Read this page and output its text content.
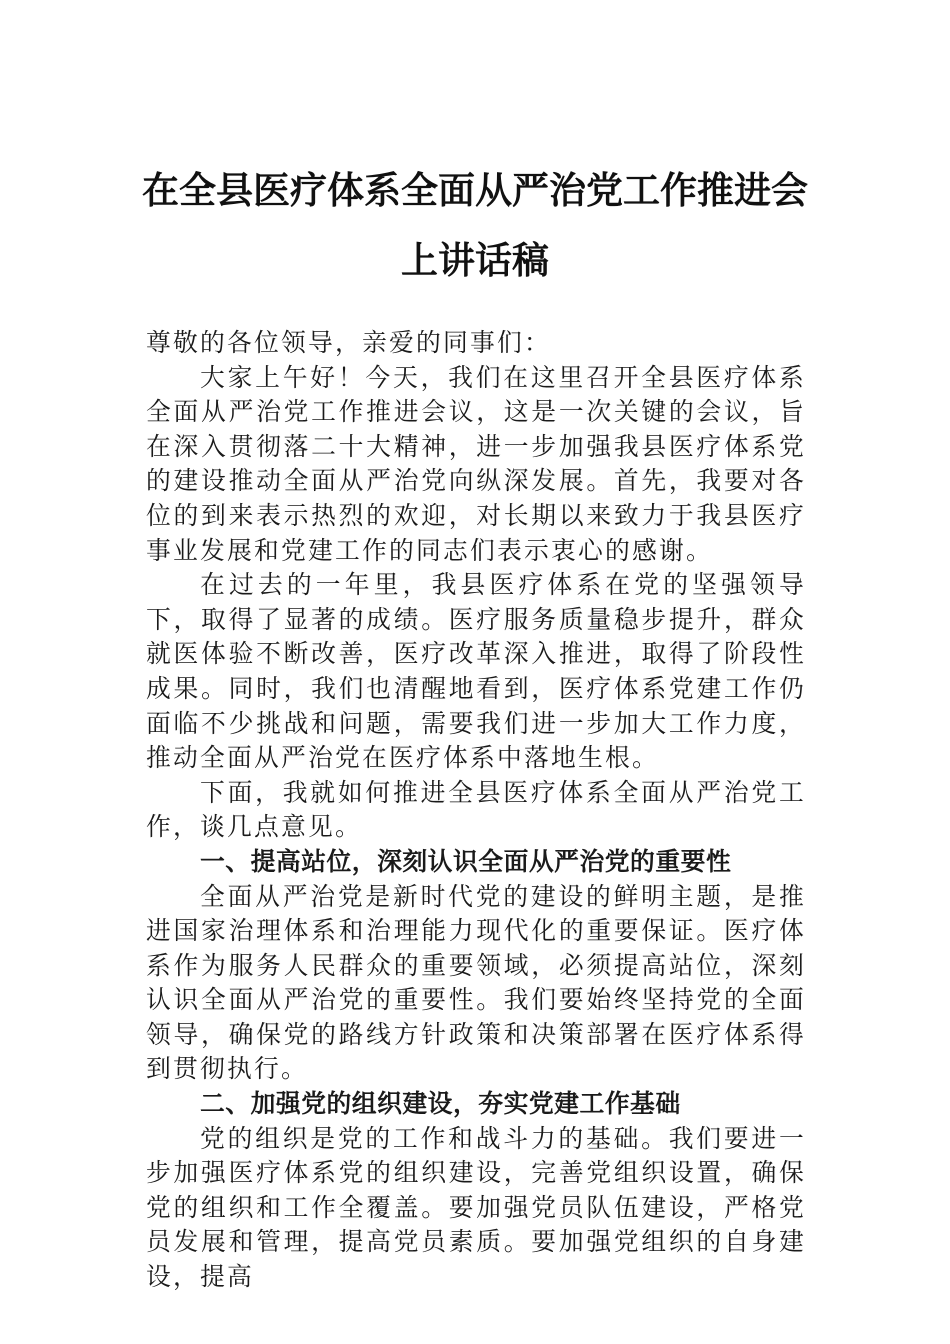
在全县医疗体系全面从严治党工作推进会
上讲话稿

尊敬的各位领导，亲爱的同事们：

大家上午好！今天，我们在这里召开全县医疗体系全面从严治党工作推进会议，这是一次关键的会议，旨在深入贯彻落二十大精神，进一步加强我县医疗体系党的建设推动全面从严治党向纵深发展。首先，我要对各位的到来表示热烈的欢迎，对长期以来致力于我县医疗事业发展和党建工作的同志们表示衷心的感谢。

在过去的一年里，我县医疗体系在党的坚强领导下，取得了显著的成绩。医疗服务质量稳步提升，群众就医体验不断改善，医疗改革深入推进，取得了阶段性成果。同时，我们也清醒地看到，医疗体系党建工作仍面临不少挑战和问题，需要我们进一步加大工作力度，推动全面从严治党在医疗体系中落地生根。

下面，我就如何推进全县医疗体系全面从严治党工作，谈几点意见。

一、提高站位，深刻认识全面从严治党的重要性

全面从严治党是新时代党的建设的鲜明主题，是推进国家治理体系和治理能力现代化的重要保证。医疗体系作为服务人民群众的重要领域，必须提高站位，深刻认识全面从严治党的重要性。我们要始终坚持党的全面领导，确保党的路线方针政策和决策部署在医疗体系得到贯彻执行。

二、加强党的组织建设，夯实党建工作基础

党的组织是党的工作和战斗力的基础。我们要进一步加强医疗体系党的组织建设，完善党组织设置，确保党的组织和工作全覆盖。要加强党员队伍建设，严格党员发展和管理，提高党员素质。要加强党组织的自身建设，提高
